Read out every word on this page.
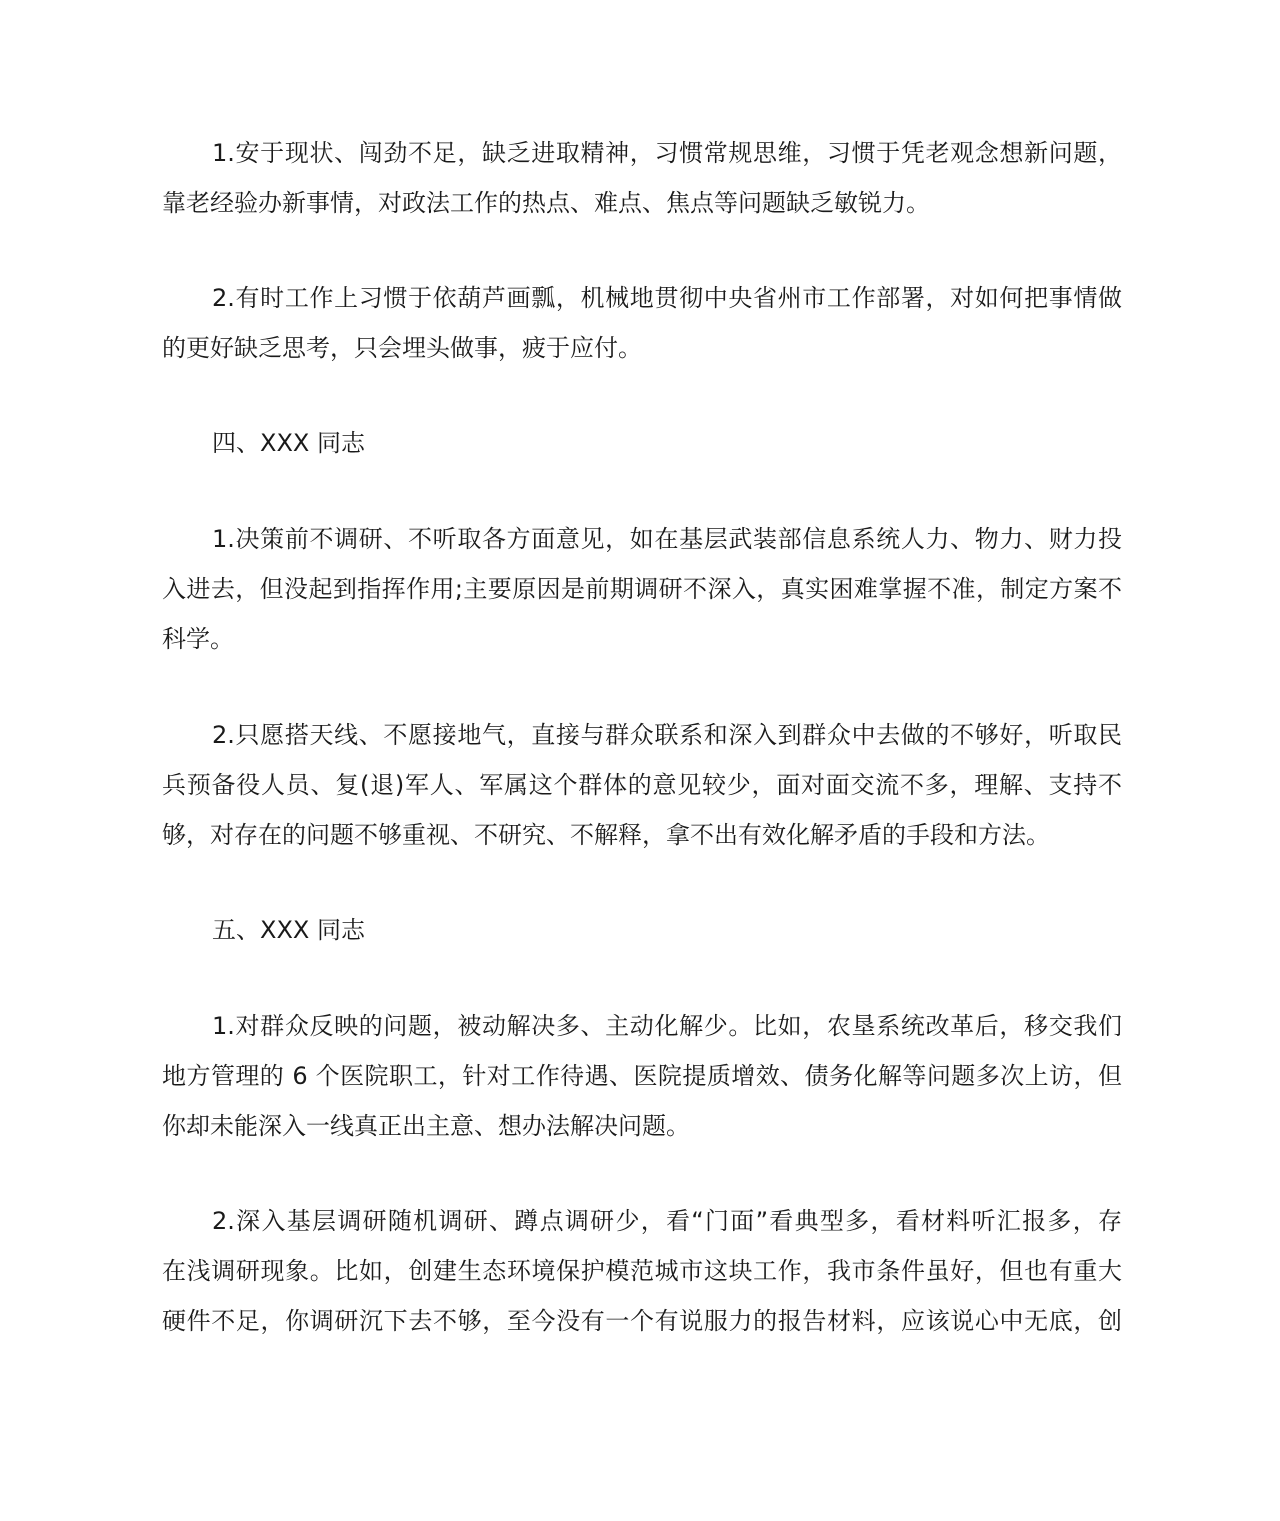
1.安于现状、闯劲不足，缺乏进取精神，习惯常规思维，习惯于凭老观念想新问题，
靠老经验办新事情，对政法工作的热点、难点、焦点等问题缺乏敏锐力。
2.有时工作上习惯于依葫芦画瓢，机械地贯彻中央省州市工作部署，对如何把事情做
的更好缺乏思考，只会埋头做事，疲于应付。
四、XXX 同志
1.决策前不调研、不听取各方面意见，如在基层武装部信息系统人力、物力、财力投
入进去，但没起到指挥作用;主要原因是前期调研不深入，真实困难掌握不准，制定方案不
科学。
2.只愿搭天线、不愿接地气，直接与群众联系和深入到群众中去做的不够好，听取民
兵预备役人员、复(退)军人、军属这个群体的意见较少，面对面交流不多，理解、支持不
够，对存在的问题不够重视、不研究、不解释，拿不出有效化解矛盾的手段和方法。
五、XXX 同志
1.对群众反映的问题，被动解决多、主动化解少。比如，农垦系统改革后，移交我们
地方管理的 6 个医院职工，针对工作待遇、医院提质增效、债务化解等问题多次上访，但
你却未能深入一线真正出主意、想办法解决问题。
2.深入基层调研随机调研、蹲点调研少，看“门面”看典型多，看材料听汇报多，存
在浅调研现象。比如，创建生态环境保护模范城市这块工作，我市条件虽好，但也有重大
硬件不足，你调研沉下去不够，至今没有一个有说服力的报告材料，应该说心中无底，创
